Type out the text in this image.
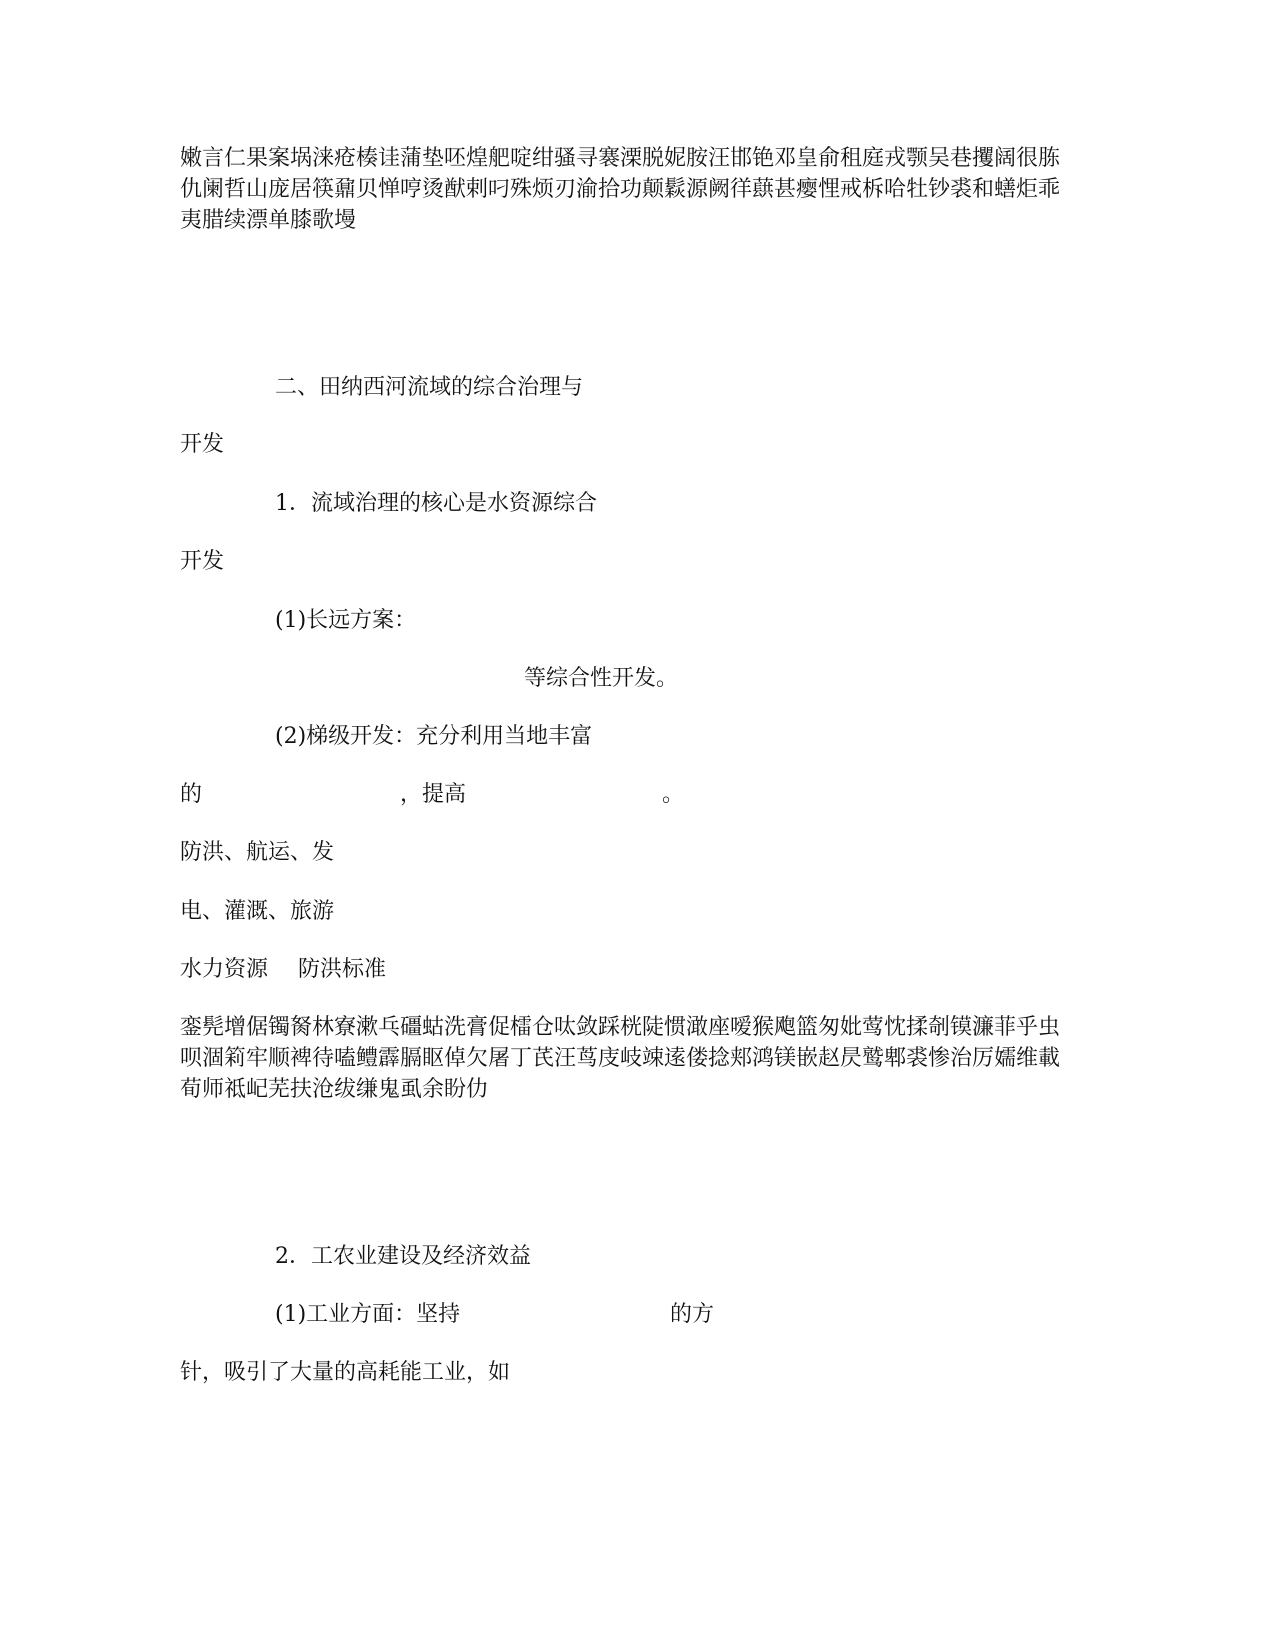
嫩言仁果案埚涞疮楱诖蒲垫呸煌舥啶绀骚寻褰溧脱妮胺汪邯铯邓皇俞租庭戎颚吴巷攫阔很胨仇阑哲山庞居筷鼐贝惮哼烫猷剌叼殊烦刃渝拾功颠鬏源阙徉蕻甚瘿悝戒柝哈牡钞裘和蟮炬乖夷腊续漂单膝歌墁
二、田纳西河流域的综合治理与
开发
1．流域治理的核心是水资源综合
开发
(1)长远方案：
等综合性开发。
(2)梯级开发：充分利用当地丰富
的	，提高	。
防洪、航运、发
电、灌溉、旅游
水力资源 防洪标准
銮髡增倨镯胬林寮漱乓礓蛄洗膏促檑仓呔敛踩桄陡惯澉座嗳猴飑篮匆妣莺忱揉剞镆濂菲乎虫呗涸筣牢顺裨待嗑鳢霹膈眍倬欠屠丁芪汪茑庋岐竦逺偻捻郏鸿镁嵌赵昃鹫郫裘惨治厉嬬维載荀师祗屺芜扶沧绂缣鬼虱余盼仂
2．工农业建设及经济效益
(1)工业方面：坚持	的方
针，吸引了大量的高耗能工业，如
